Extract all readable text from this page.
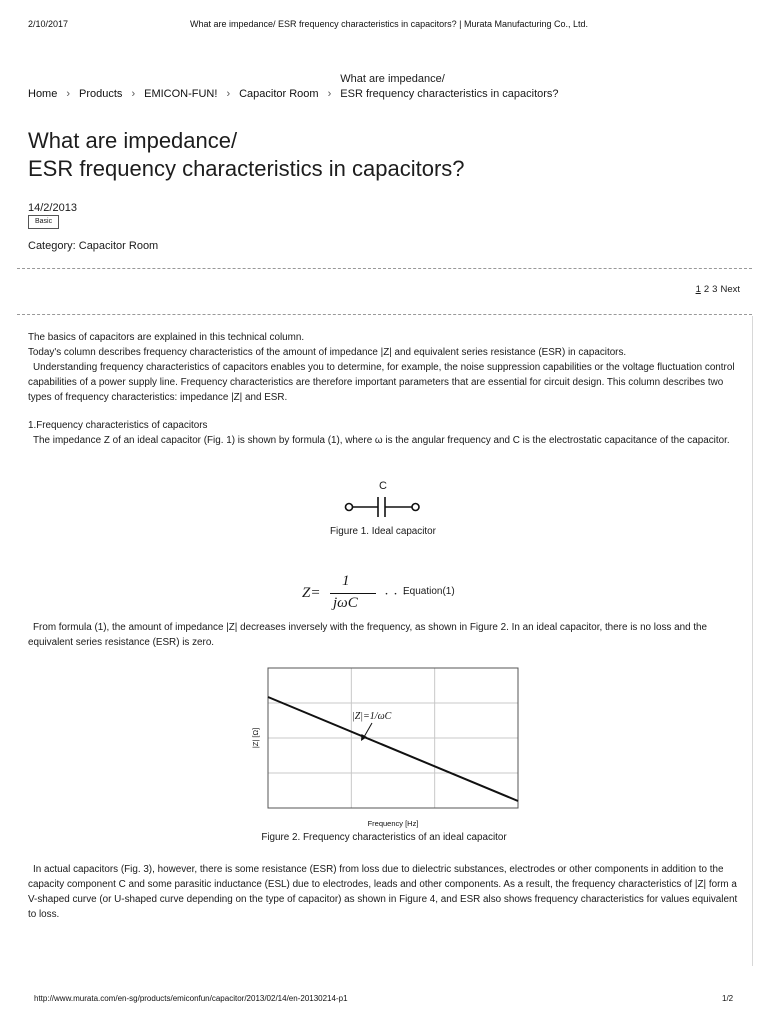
2/10/2017	What are impedance/ ESR frequency characteristics in capacitors? | Murata Manufacturing Co., Ltd.
Home › Products › EMICON-FUN! › Capacitor Room ›
What are impedance/
ESR frequency characteristics in capacitors?
What are impedance/
ESR frequency characteristics in capacitors?
14/2/2013
Basic
Category: Capacitor Room
1 2 3 Next

The basics of capacitors are explained in this technical column.

Today's column describes frequency characteristics of the amount of impedance |Z| and equivalent series resistance (ESR) in capacitors.

Understanding frequency characteristics of capacitors enables you to determine, for example, the noise suppression capabilities or the voltage fluctuation control capabilities of a power supply line. Frequency characteristics are therefore important parameters that are essential for circuit design. This column describes two types of frequency characteristics: impedance |Z| and ESR.

1.Frequency characteristics of capacitors

The impedance Z of an ideal capacitor (Fig. 1) is shown by formula (1), where ω is the angular frequency and C is the electrostatic capacitance of the capacitor.

C
Figure 1. Ideal capacitor
Z=
1
jωC
・・・
Equation(1)

From formula (1), the amount of impedance |Z| decreases inversely with the frequency, as shown in Figure 2. In an ideal capacitor, there is no loss and the equivalent series resistance (ESR) is zero.

|Z|=1/ωC
Frequency [Hz]
|Z| [Ω]
Figure 2. Frequency characteristics of an ideal capacitor

In actual capacitors (Fig. 3), however, there is some resistance (ESR) from loss due to dielectric substances, electrodes or other components in addition to the capacity component C and some parasitic inductance (ESL) due to electrodes, leads and other components. As a result, the frequency characteristics of |Z| form a V-shaped curve (or U-shaped curve depending on the type of capacitor) as shown in Figure 4, and ESR also shows frequency characteristics for values equivalent to loss.

http://www.murata.com/en-sg/products/emiconfun/capacitor/2013/02/14/en-20130214-p1	1/2
